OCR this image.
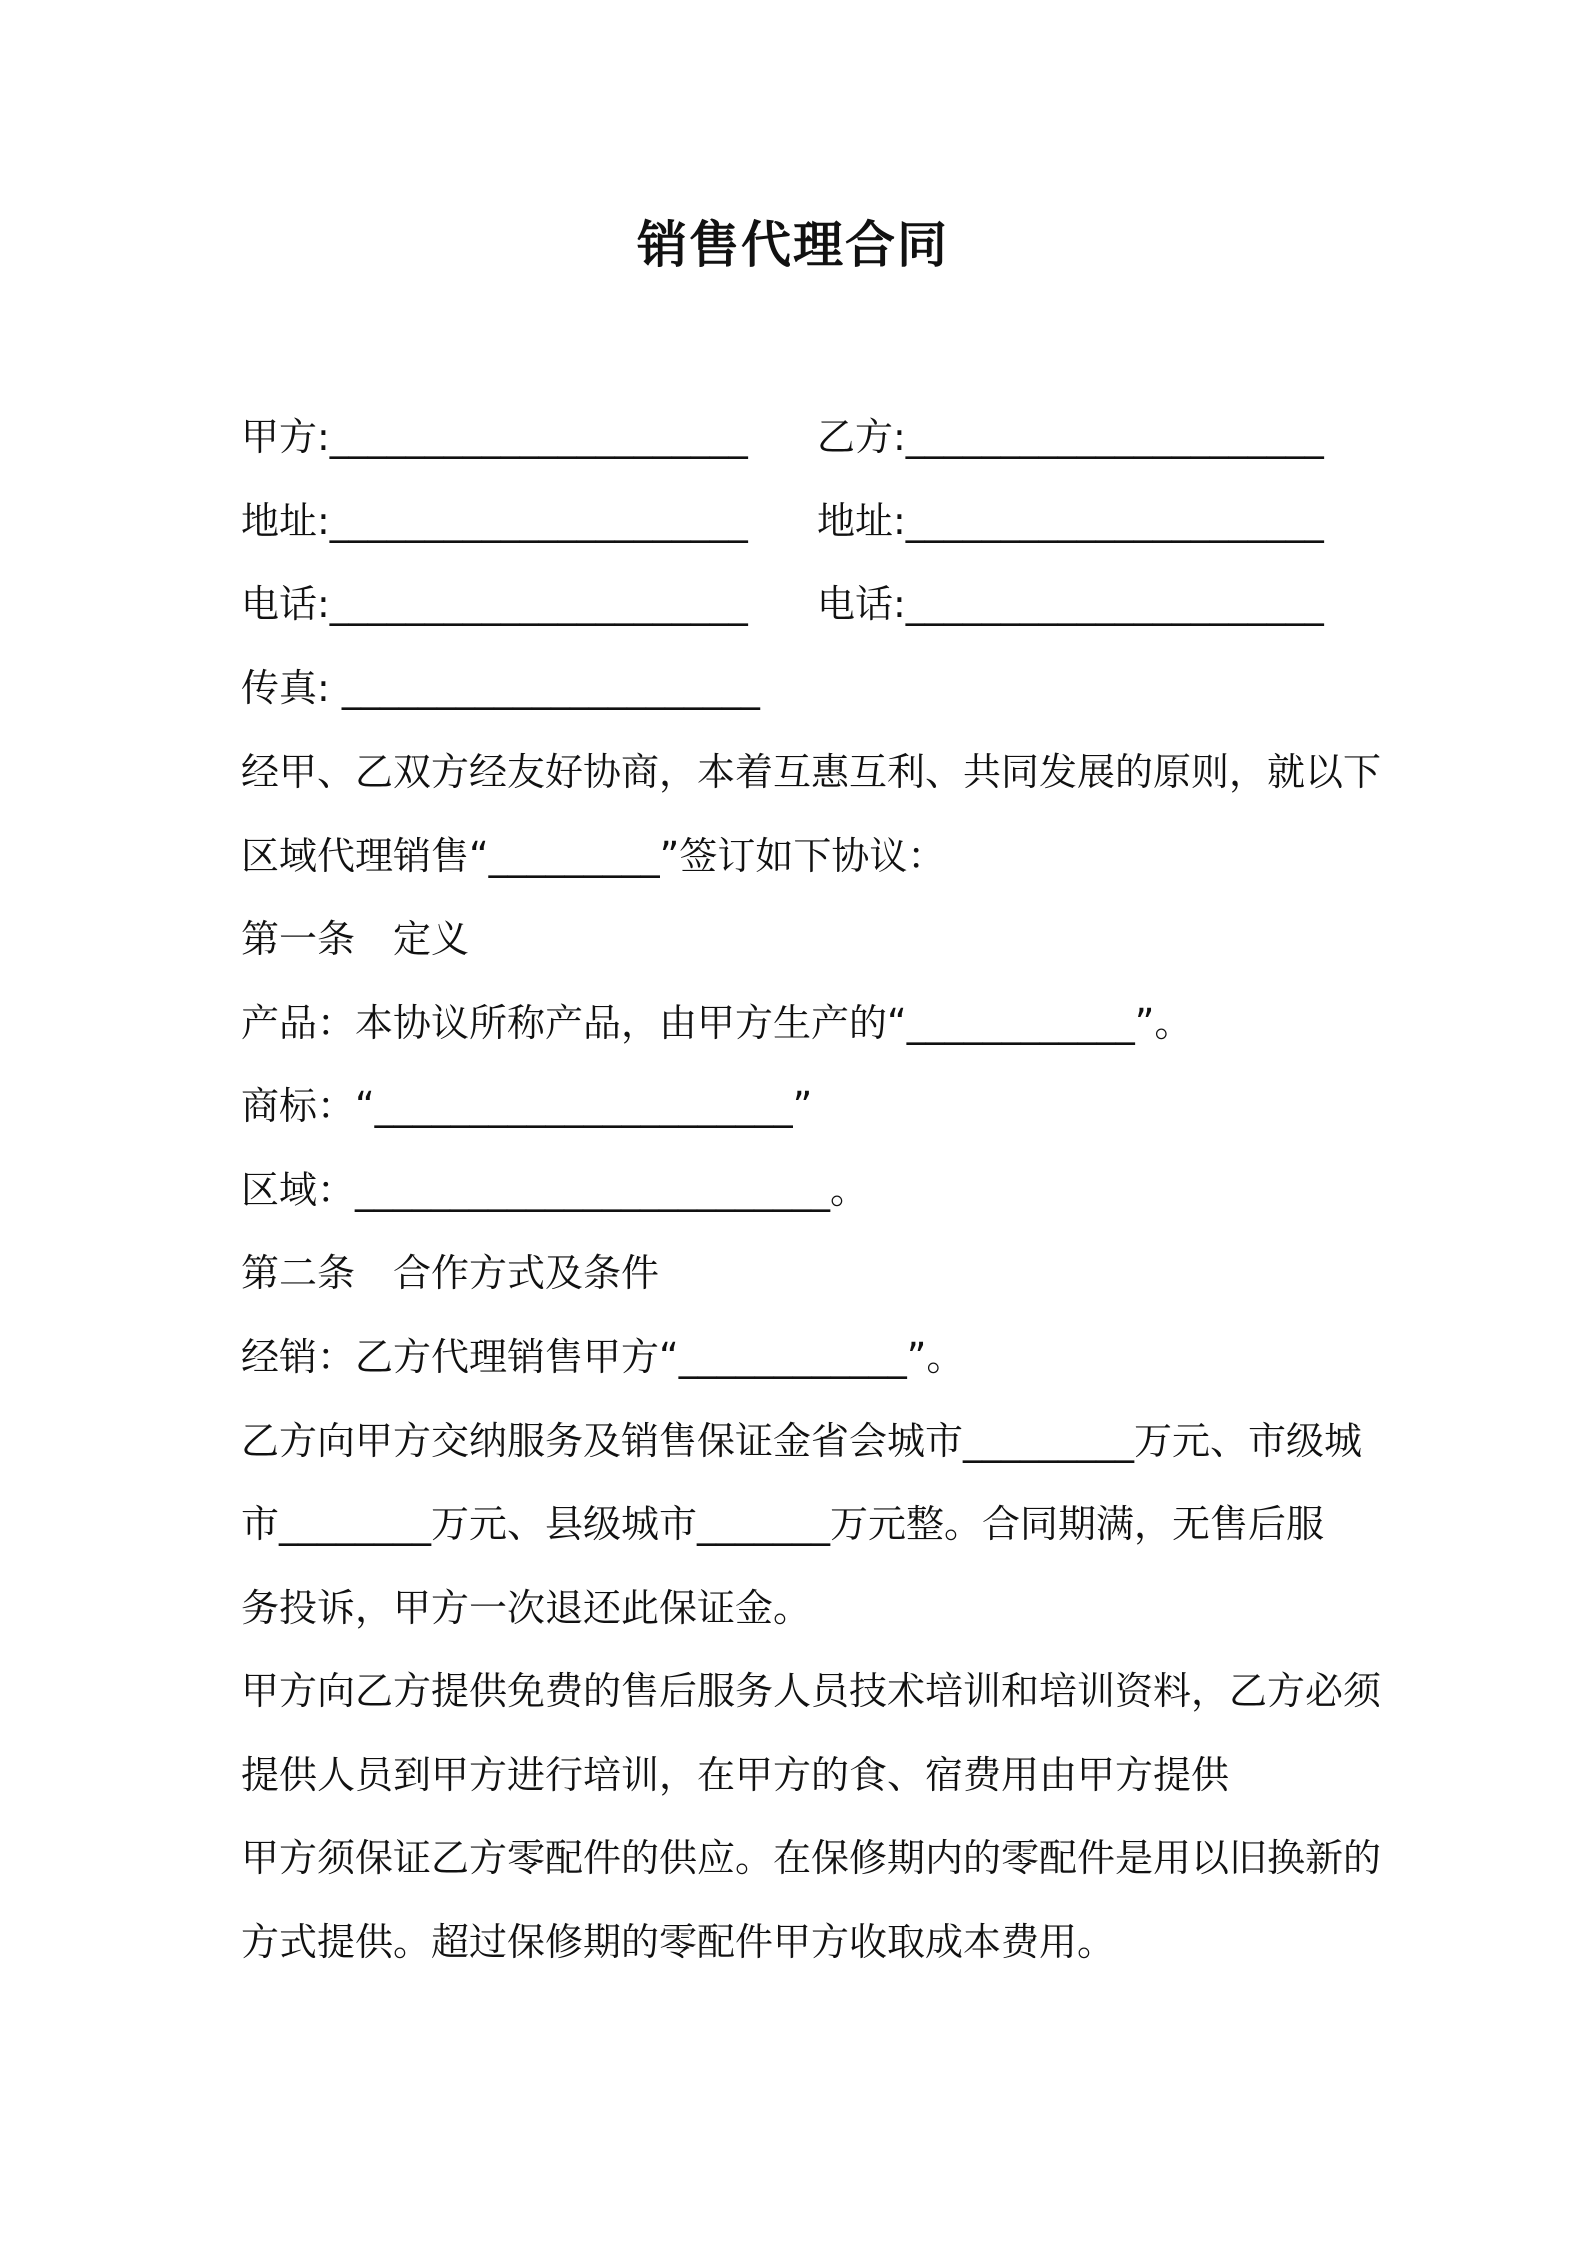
销售代理合同
甲方:______________________ 乙方:______________________
地址:______________________ 地址:______________________
电话:______________________ 电话:______________________
传真: ______________________
经甲、乙双方经友好协商，本着互惠互利、共同发展的原则，就以下
区域代理销售“_________”签订如下协议：
第一条　定义
产品：本协议所称产品，由甲方生产的“____________”。
商标：“______________________”
区域：_________________________。
第二条　合作方式及条件
经销：乙方代理销售甲方“____________”。
乙方向甲方交纳服务及销售保证金省会城市_________万元、市级城
市________万元、县级城市_______万元整。合同期满，无售后服
务投诉，甲方一次退还此保证金。
甲方向乙方提供免费的售后服务人员技术培训和培训资料，乙方必须
提供人员到甲方进行培训，在甲方的食、宿费用由甲方提供
甲方须保证乙方零配件的供应。在保修期内的零配件是用以旧换新的
方式提供。超过保修期的零配件甲方收取成本费用。
